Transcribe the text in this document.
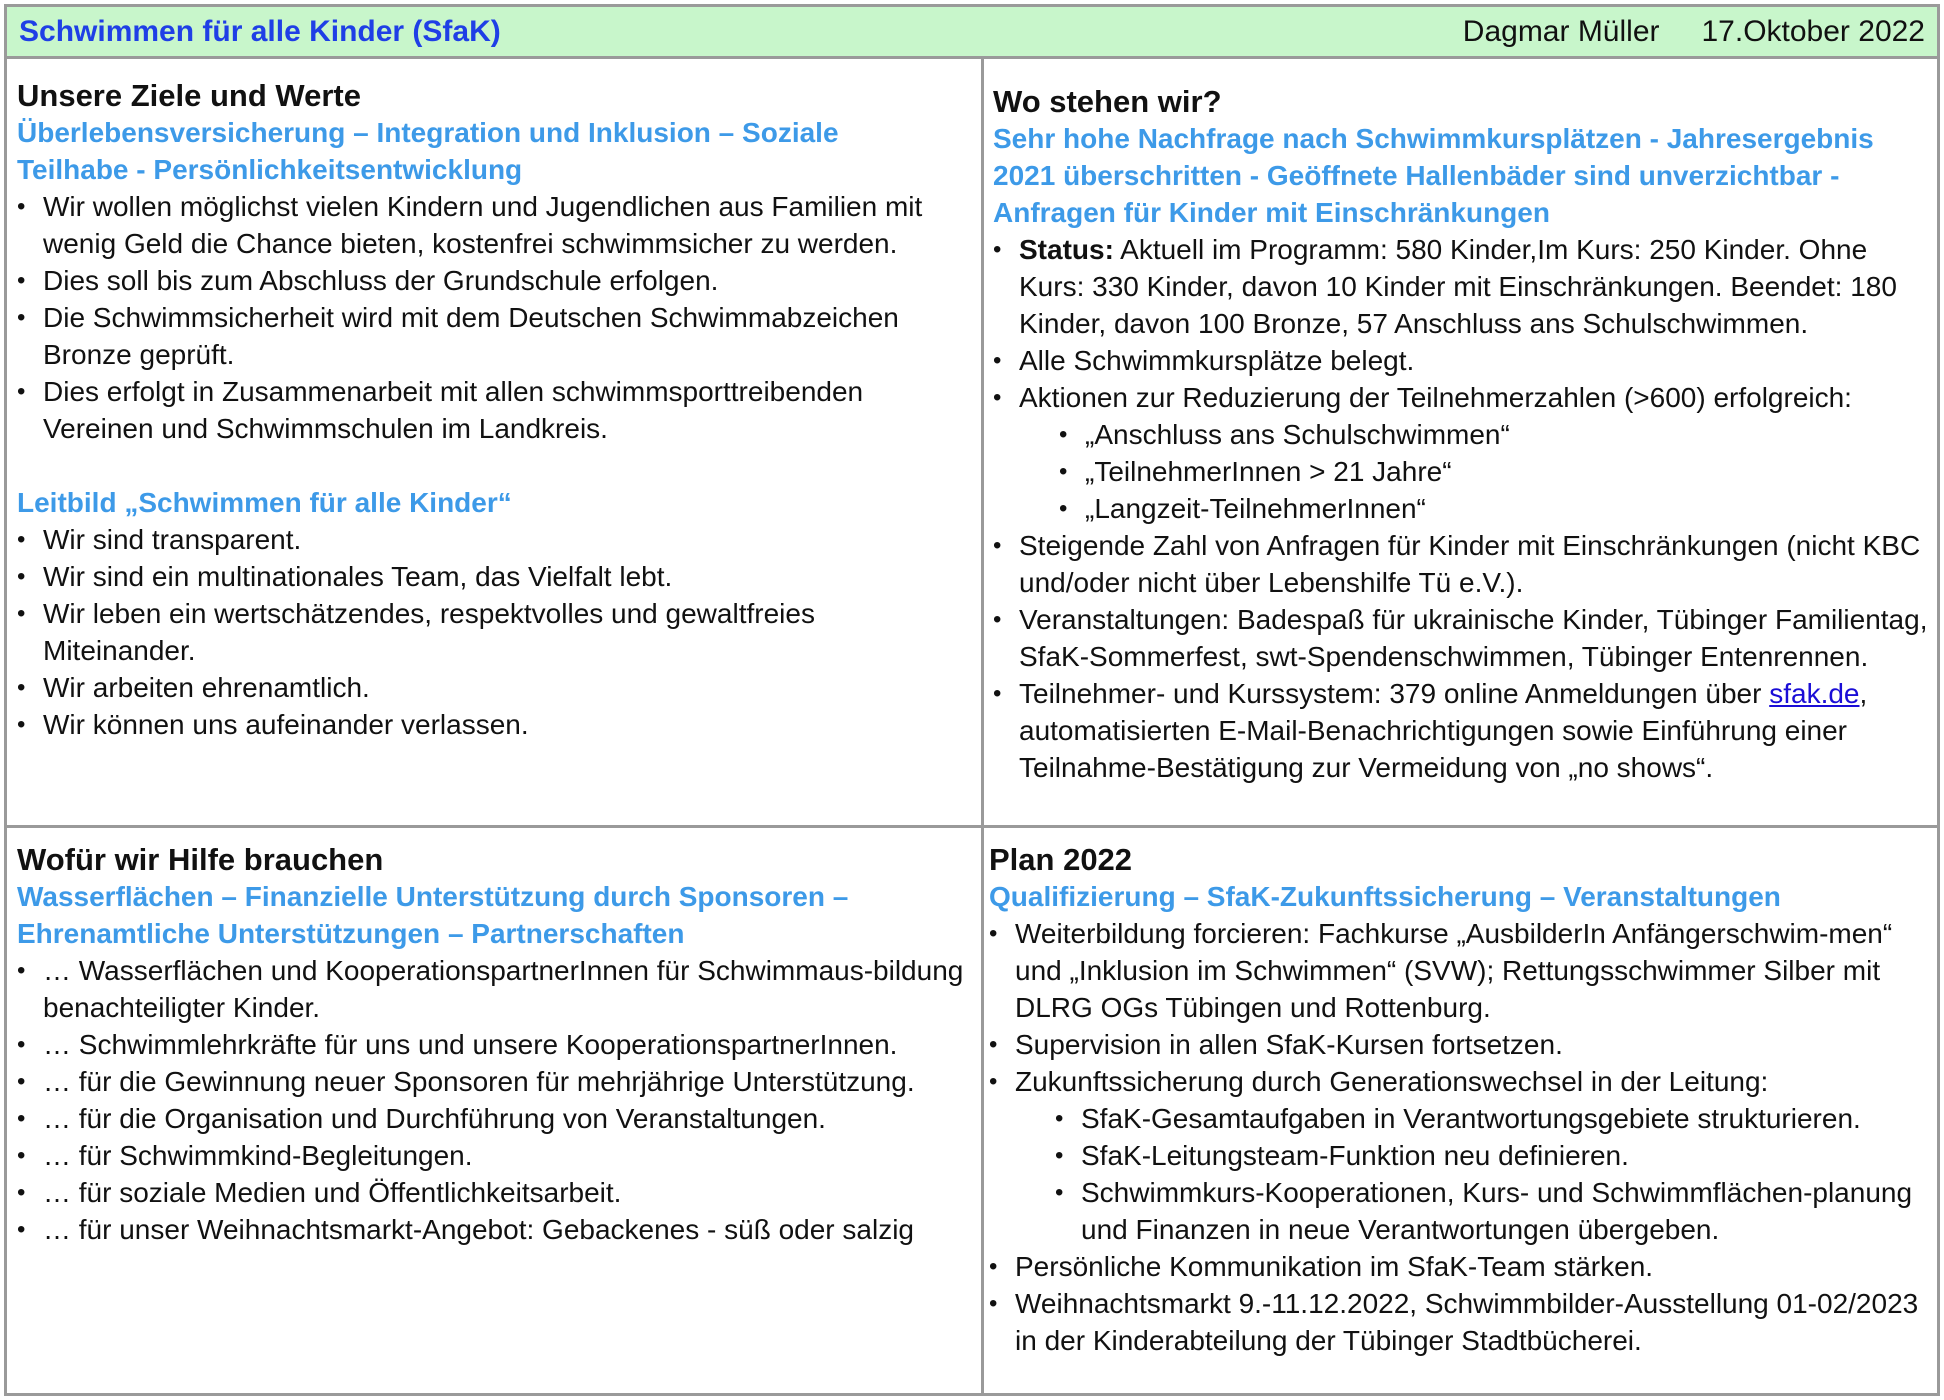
Schwimmen für alle Kinder (SfaK)	Dagmar Müller 17.Oktober 2022
Unsere Ziele und Werte
Überlebensversicherung – Integration und Inklusion – Soziale
Teilhabe - Persönlichkeitsentwicklung
• Wir wollen möglichst vielen Kindern und Jugendlichen aus Familien mit wenig Geld die Chance bieten, kostenfrei schwimmsicher zu werden.
• Dies soll bis zum Abschluss der Grundschule erfolgen.
• Die Schwimmsicherheit wird mit dem Deutschen Schwimmabzeichen Bronze geprüft.
• Dies erfolgt in Zusammenarbeit mit allen schwimmsporttreibenden Vereinen und Schwimmschulen im Landkreis.
Leitbild „Schwimmen für alle Kinder“
• Wir sind transparent.
• Wir sind ein multinationales Team, das Vielfalt lebt.
• Wir leben ein wertschätzendes, respektvolles und gewaltfreies Miteinander.
• Wir arbeiten ehrenamtlich.
• Wir können uns aufeinander verlassen.
Wo stehen wir?
Sehr hohe Nachfrage nach Schwimmkursplätzen - Jahresergebnis
2021 überschritten - Geöffnete Hallenbäder sind unverzichtbar -
Anfragen für Kinder mit Einschränkungen
• Status: Aktuell im Programm: 580 Kinder,Im Kurs: 250 Kinder. Ohne Kurs: 330 Kinder, davon 10 Kinder mit Einschränkungen. Beendet: 180 Kinder, davon 100 Bronze, 57 Anschluss ans Schulschwimmen.
• Alle Schwimmkursplätze belegt.
• Aktionen zur Reduzierung der Teilnehmerzahlen (>600) erfolgreich:
• „Anschluss ans Schulschwimmen“
• „TeilnehmerInnen > 21 Jahre“
• „Langzeit-TeilnehmerInnen“
• Steigende Zahl von Anfragen für Kinder mit Einschränkungen (nicht KBC und/oder nicht über Lebenshilfe Tü e.V.).
• Veranstaltungen: Badespaß für ukrainische Kinder, Tübinger Familientag, SfaK-Sommerfest, swt-Spendenschwimmen, Tübinger Entenrennen.
• Teilnehmer- und Kurssystem: 379 online Anmeldungen über sfak.de, automatisierten E-Mail-Benachrichtigungen sowie Einführung einer Teilnahme-Bestätigung zur Vermeidung von „no shows“.
Wofür wir Hilfe brauchen
Wasserflächen – Finanzielle Unterstützung durch Sponsoren –
Ehrenamtliche Unterstützungen – Partnerschaften
• … Wasserflächen und KooperationspartnerInnen für Schwimmaus-bildung benachteiligter Kinder.
• … Schwimmlehrkräfte für uns und unsere KooperationspartnerInnen.
• … für die Gewinnung neuer Sponsoren für mehrjährige Unterstützung.
• … für die Organisation und Durchführung von Veranstaltungen.
• … für Schwimmkind-Begleitungen.
• … für soziale Medien und Öffentlichkeitsarbeit.
• … für unser Weihnachtsmarkt-Angebot: Gebackenes - süß oder salzig
Plan 2022
Qualifizierung – SfaK-Zukunftssicherung – Veranstaltungen
• Weiterbildung forcieren: Fachkurse „AusbilderIn Anfängerschwim-men“ und „Inklusion im Schwimmen“ (SVW); Rettungsschwimmer Silber mit DLRG OGs Tübingen und Rottenburg.
• Supervision in allen SfaK-Kursen fortsetzen.
• Zukunftssicherung durch Generationswechsel in der Leitung:
• SfaK-Gesamtaufgaben in Verantwortungsgebiete strukturieren.
• SfaK-Leitungsteam-Funktion neu definieren.
• Schwimmkurs-Kooperationen, Kurs- und Schwimmflächen-planung und Finanzen in neue Verantwortungen übergeben.
• Persönliche Kommunikation im SfaK-Team stärken.
• Weihnachtsmarkt 9.-11.12.2022, Schwimmbilder-Ausstellung 01-02/2023 in der Kinderabteilung der Tübinger Stadtbücherei.
